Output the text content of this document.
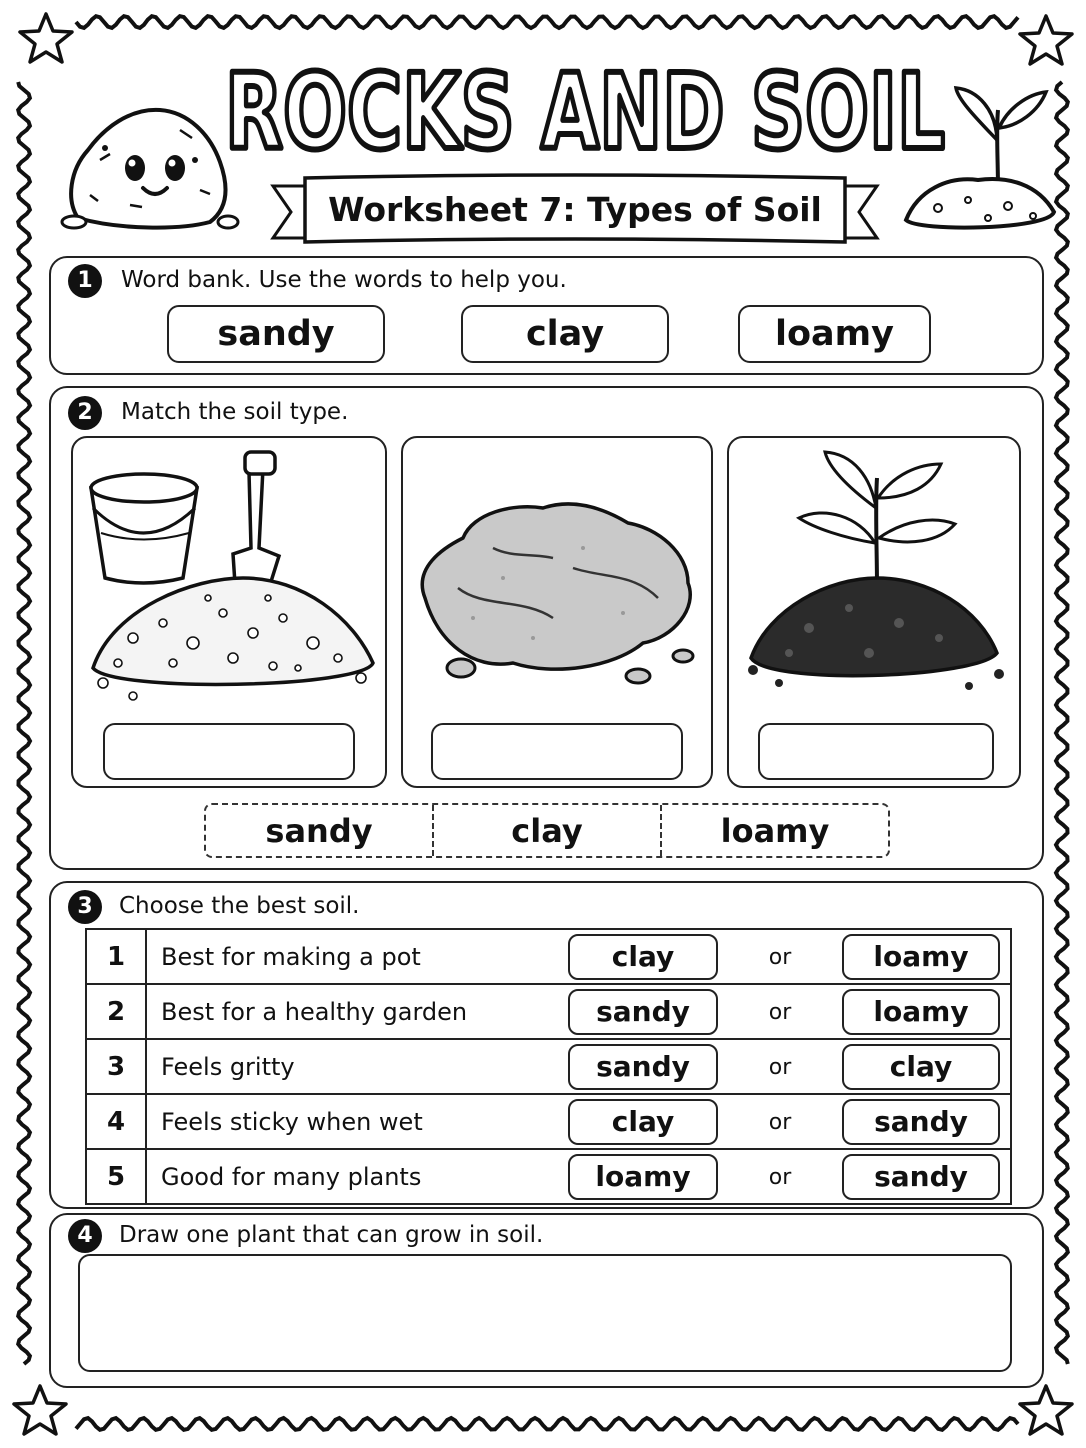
ROCKS AND SOIL
Worksheet 7: Types of Soil
1	Word bank. Use the words to help you.
sandy	clay	loamy
2	Match the soil type.
sandy	clay	loamy
3	Choose the best soil.
1	Best for making a pot	clay or loamy

2	Best for a healthy garden	sandy or loamy

3	Feels gritty	sandy or clay

4	Feels sticky when wet	clay or sandy

5	Good for many plants	loamy or sandy
4	Draw one plant that can grow in soil.
